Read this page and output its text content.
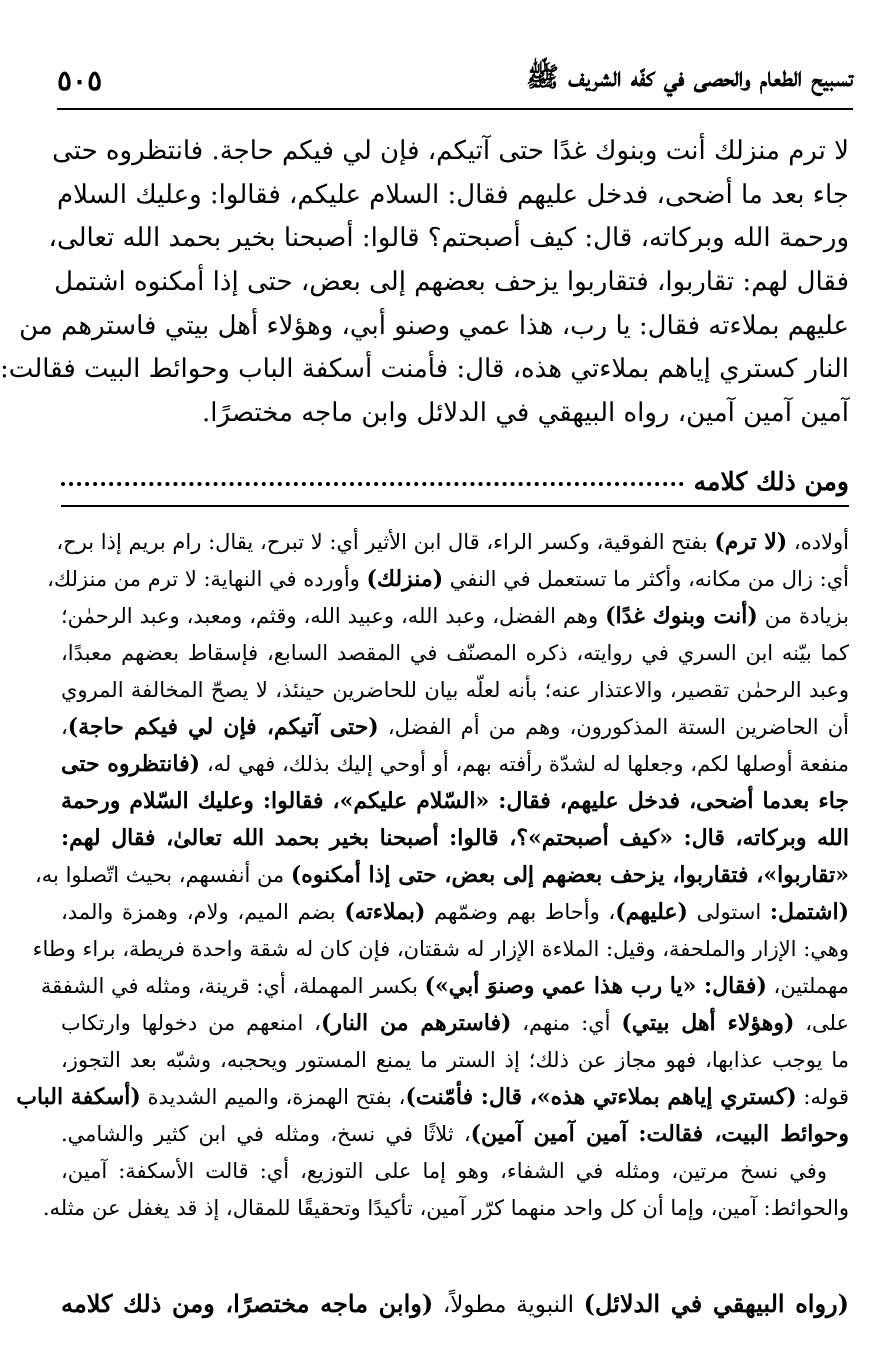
تسبيح الطعام والحصى في كفّه الشريف ﷺ
٥٠٥
لا ترم منزلك أنت وبنوك غدًا حتى آتيكم، فإن لي فيكم حاجة. فانتظروه حتى
جاء بعد ما أضحى، فدخل عليهم فقال: السلام عليكم، فقالوا: وعليك السلام
ورحمة الله وبركاته، قال: كيف أصبحتم؟ قالوا: أصبحنا بخير بحمد الله تعالى،
فقال لهم: تقاربوا، فتقاربوا يزحف بعضهم إلى بعض، حتى إذا أمكنوه اشتمل
عليهم بملاءته فقال: يا رب، هذا عمي وصنو أبي، وهؤلاء أهل بيتي فاسترهم من
النار كستري إياهم بملاءتي هذه، قال: فأمنت أسكفة الباب وحوائط البيت فقالت:
آمين آمين آمين، رواه البيهقي في الدلائل وابن ماجه مختصرًا.
ومن ذلك كلامه
أولاده، (لا ترم) بفتح الفوقية، وكسر الراء، قال ابن الأثير أي: لا تبرح، يقال: رام بريم إذا برح،
أي: زال من مكانه، وأكثر ما تستعمل في النفي (منزلك) وأورده في النهاية: لا ترم من منزلك،
بزيادة من (أنت وبنوك غدًا) وهم الفضل، وعبد الله، وعبيد الله، وقثم، ومعبد، وعبد الرحمٰن؛
كما بيّنه ابن السري في روايته، ذكره المصنّف في المقصد السابع، فإسقاط بعضهم معبدًا،
وعبد الرحمٰن تقصير، والاعتذار عنه؛ بأنه لعلّه بيان للحاضرين حينئذ، لا يصحّ المخالفة المروي
أن الحاضرين الستة المذكورون، وهم من أم الفضل، (حتى آتيكم، فإن لي فيكم حاجة)،
منفعة أوصلها لكم، وجعلها له لشدّة رأفته بهم، أو أوحي إليك بذلك، فهي له، (فانتظروه حتى
جاء بعدما أضحى، فدخل عليهم، فقال: «السّلام عليكم»، فقالوا: وعليك السّلام ورحمة
الله وبركاته، قال: «كيف أصبحتم»؟، قالوا: أصبحنا بخير بحمد الله تعالىٰ، فقال لهم:
«تقاربوا»، فتقاربوا، يزحف بعضهم إلى بعض، حتى إذا أمكنوه) من أنفسهم، بحيث اتّصلوا به،
(اشتمل: استولى (عليهم)، وأحاط بهم وضمّهم (بملاءته) بضم الميم، ولام، وهمزة والمد،
وهي: الإزار والملحفة، وقيل: الملاءة الإزار له شقتان، فإن كان له شقة واحدة فريطة، براء وطاء
مهملتين، (فقال: «يا رب هذا عمي وصنوَ أبي») بكسر المهملة، أي: قرينة، ومثله في الشفقة
على، (وهؤلاء أهل بيتي) أي: منهم، (فاسترهم من النار)، امنعهم من دخولها وارتكاب
ما يوجب عذابها، فهو مجاز عن ذلك؛ إذ الستر ما يمنع المستور ويحجبه، وشبّه بعد التجوز،
قوله: (كستري إياهم بملاءتي هذه»، قال: فأمّنت)، بفتح الهمزة، والميم الشديدة (أسكفة الباب
وحوائط البيت، فقالت: آمين آمين آمين)، ثلاثًا في نسخ، ومثله في ابن كثير والشامي.
وفي نسخ مرتين، ومثله في الشفاء، وهو إما على التوزيع، أي: قالت الأسكفة: آمين،
والحوائط: آمين، وإما أن كل واحد منهما كرّر آمين، تأكيدًا وتحقيقًا للمقال، إذ قد يغفل عن مثله.
(رواه البيهقي في الدلائل) النبوية مطولاً، (وابن ماجه مختصرًا، ومن ذلك كلامه
